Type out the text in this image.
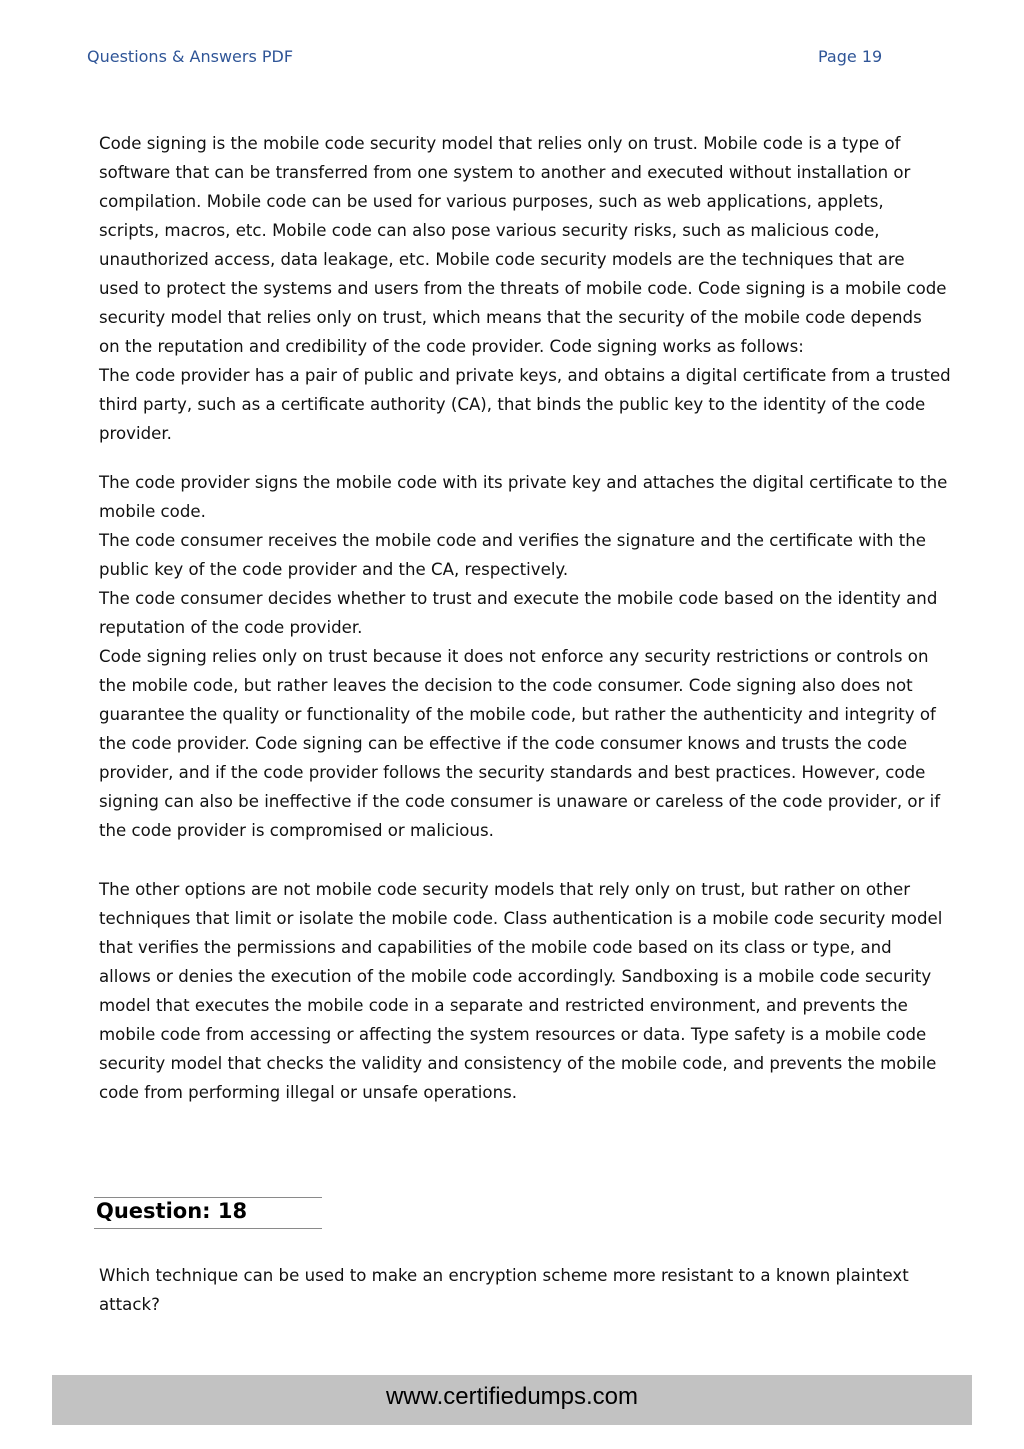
Questions & Answers PDF	Page 19

Code signing is the mobile code security model that relies only on trust. Mobile code is a type of
software that can be transferred from one system to another and executed without installation or
compilation. Mobile code can be used for various purposes, such as web applications, applets,
scripts, macros, etc. Mobile code can also pose various security risks, such as malicious code,
unauthorized access, data leakage, etc. Mobile code security models are the techniques that are
used to protect the systems and users from the threats of mobile code. Code signing is a mobile code
security model that relies only on trust, which means that the security of the mobile code depends
on the reputation and credibility of the code provider. Code signing works as follows:
The code provider has a pair of public and private keys, and obtains a digital certificate from a trusted
third party, such as a certificate authority (CA), that binds the public key to the identity of the code
provider.

The code provider signs the mobile code with its private key and attaches the digital certificate to the
mobile code.
The code consumer receives the mobile code and verifies the signature and the certificate with the
public key of the code provider and the CA, respectively.
The code consumer decides whether to trust and execute the mobile code based on the identity and
reputation of the code provider.
Code signing relies only on trust because it does not enforce any security restrictions or controls on
the mobile code, but rather leaves the decision to the code consumer. Code signing also does not
guarantee the quality or functionality of the mobile code, but rather the authenticity and integrity of
the code provider. Code signing can be effective if the code consumer knows and trusts the code
provider, and if the code provider follows the security standards and best practices. However, code
signing can also be ineffective if the code consumer is unaware or careless of the code provider, or if
the code provider is compromised or malicious.

The other options are not mobile code security models that rely only on trust, but rather on other
techniques that limit or isolate the mobile code. Class authentication is a mobile code security model
that verifies the permissions and capabilities of the mobile code based on its class or type, and
allows or denies the execution of the mobile code accordingly. Sandboxing is a mobile code security
model that executes the mobile code in a separate and restricted environment, and prevents the
mobile code from accessing or affecting the system resources or data. Type safety is a mobile code
security model that checks the validity and consistency of the mobile code, and prevents the mobile
code from performing illegal or unsafe operations.

Question: 18

Which technique can be used to make an encryption scheme more resistant to a known plaintext
attack?

www.certifiedumps.com
